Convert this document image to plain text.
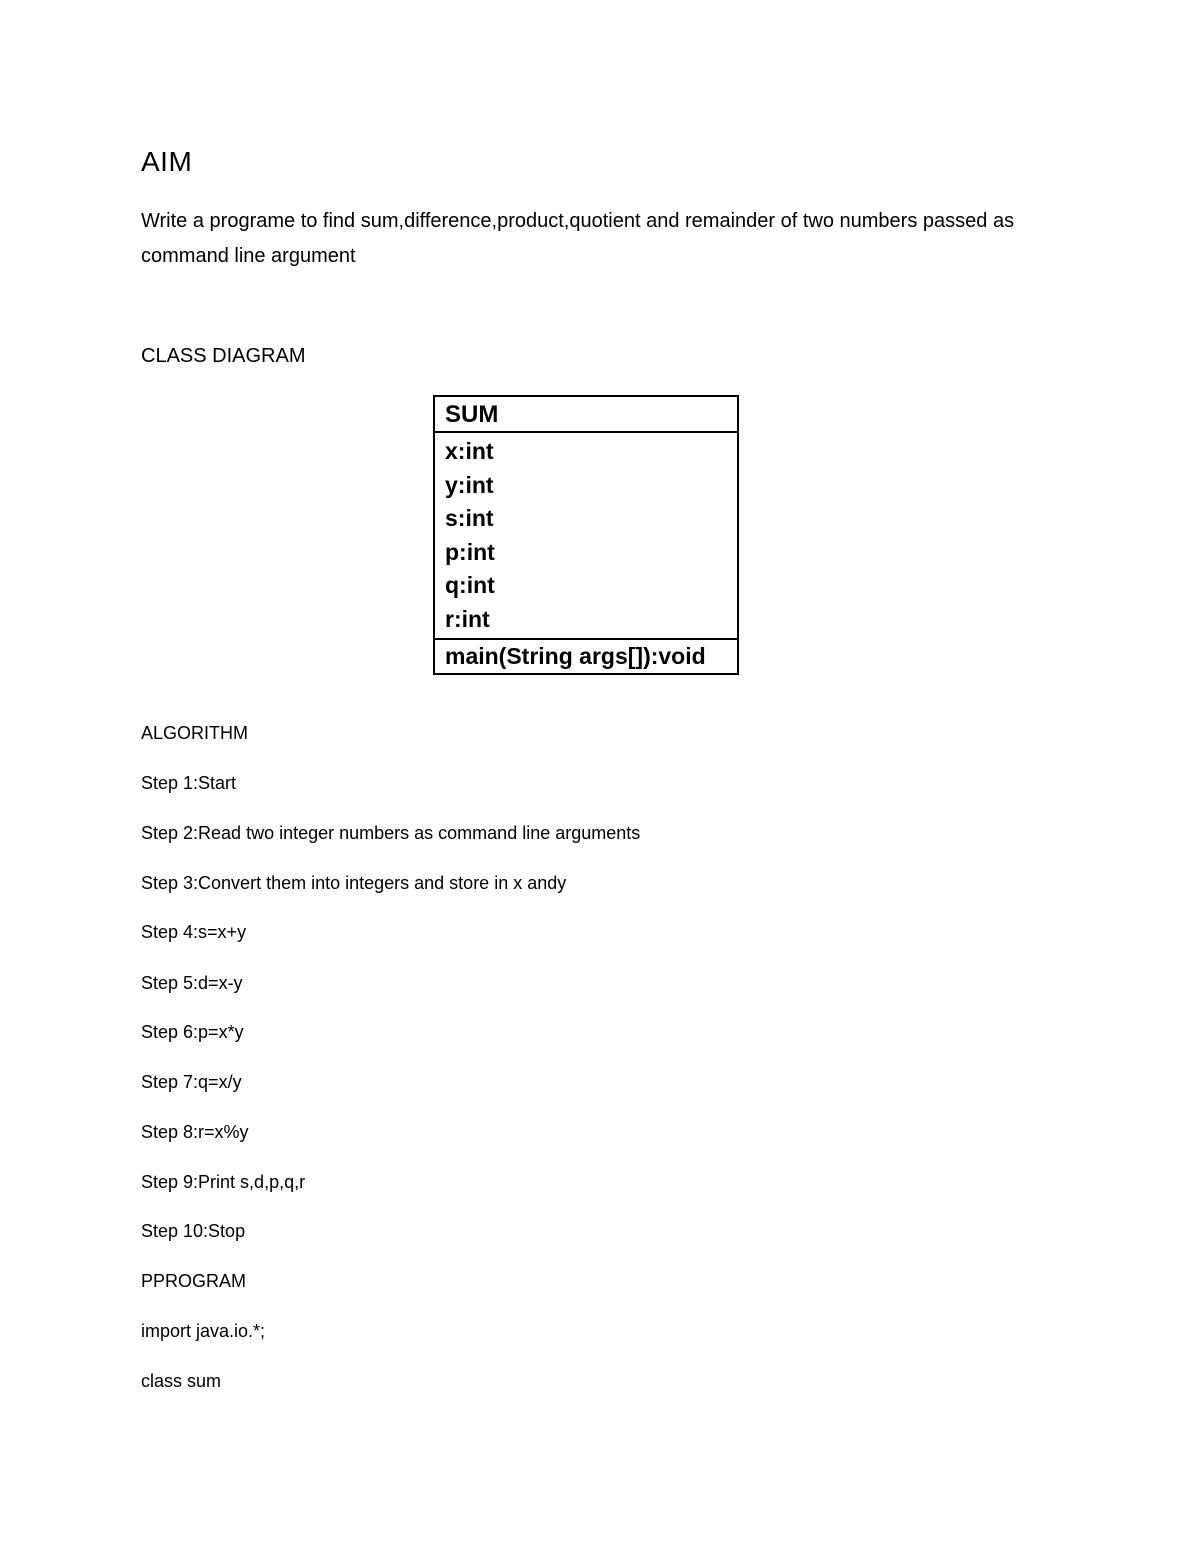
AIM
Write a programe to find sum,difference,product,quotient and remainder of two numbers passed as command line argument
CLASS DIAGRAM
SUM
x:int
y:int
s:int
p:int
q:int
r:int
main(String args[]):void
ALGORITHM
Step 1:Start
Step 2:Read two integer numbers as command line arguments
Step 3:Convert them into integers and store in x andy
Step 4:s=x+y
Step 5:d=x-y
Step 6:p=x*y
Step 7:q=x/y
Step 8:r=x%y
Step 9:Print s,d,p,q,r
Step 10:Stop
PPROGRAM
import java.io.*;
class sum
